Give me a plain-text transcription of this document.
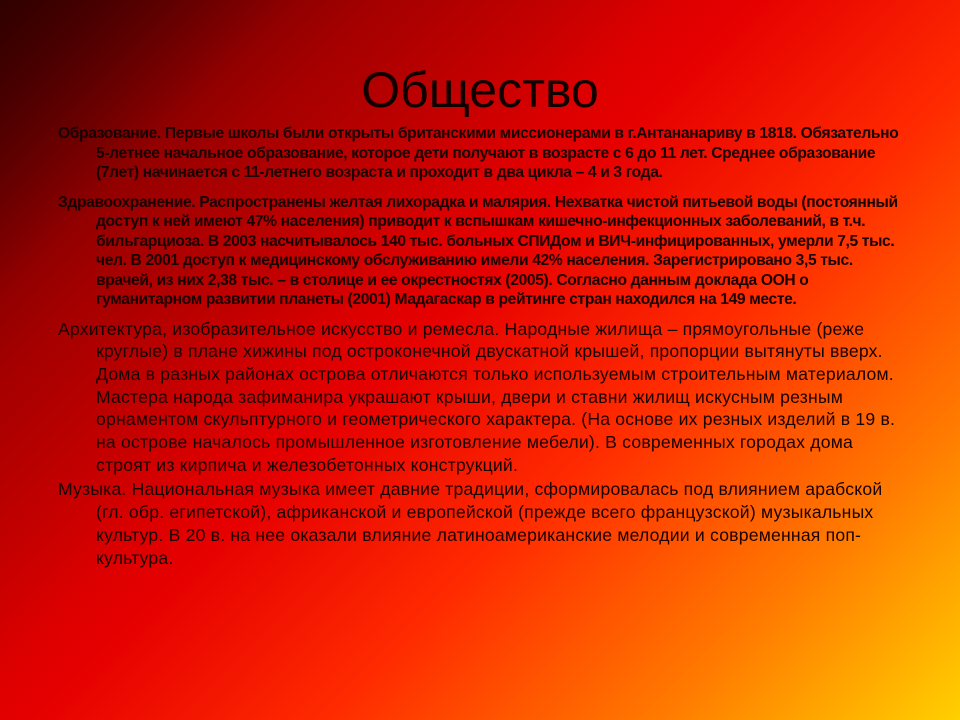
Общество

Образование. Первые школы были открыты британскими миссионерами в г.Антананариву в 1818. Обязательно 5-летнее начальное образование, которое дети получают в возрасте с 6 до 11 лет. Среднее образование (7лет) начинается с 11-летнего возраста и проходит в два цикла – 4 и 3 года.

Здравоохранение. Распространены желтая лихорадка и малярия. Нехватка чистой питьевой воды (постоянный доступ к ней имеют 47% населения) приводит к вспышкам кишечно-инфекционных заболеваний, в т.ч. бильгарциоза. В 2003 насчитывалось 140 тыс. больных СПИДом и ВИЧ-инфицированных, умерли 7,5 тыс. чел. В 2001 доступ к медицинскому обслуживанию имели 42% населения. Зарегистрировано 3,5 тыс. врачей, из них 2,38 тыс. – в столице и ее окрестностях (2005). Согласно данным доклада ООН о гуманитарном развитии планеты (2001) Мадагаскар в рейтинге стран находился на 149 месте.

Архитектура, изобразительное искусство и ремесла. Народные жилища – прямоугольные (реже круглые) в плане хижины под остроконечной двускатной крышей, пропорции вытянуты вверх. Дома в разных районах острова отличаются только используемым строительным материалом. Мастера народа зафиманира украшают крыши, двери и ставни жилищ искусным резным орнаментом скульптурного и геометрического характера. (На основе их резных изделий в 19 в. на острове началось промышленное изготовление мебели). В современных городах дома строят из кирпича и железобетонных конструкций.

Музыка. Национальная музыка имеет давние традиции, сформировалась под влиянием арабской (гл. обр. египетской), африканской и европейской (прежде всего французской) музыкальных культур. В 20 в. на нее оказали влияние латиноамериканские мелодии и современная поп-культура.
